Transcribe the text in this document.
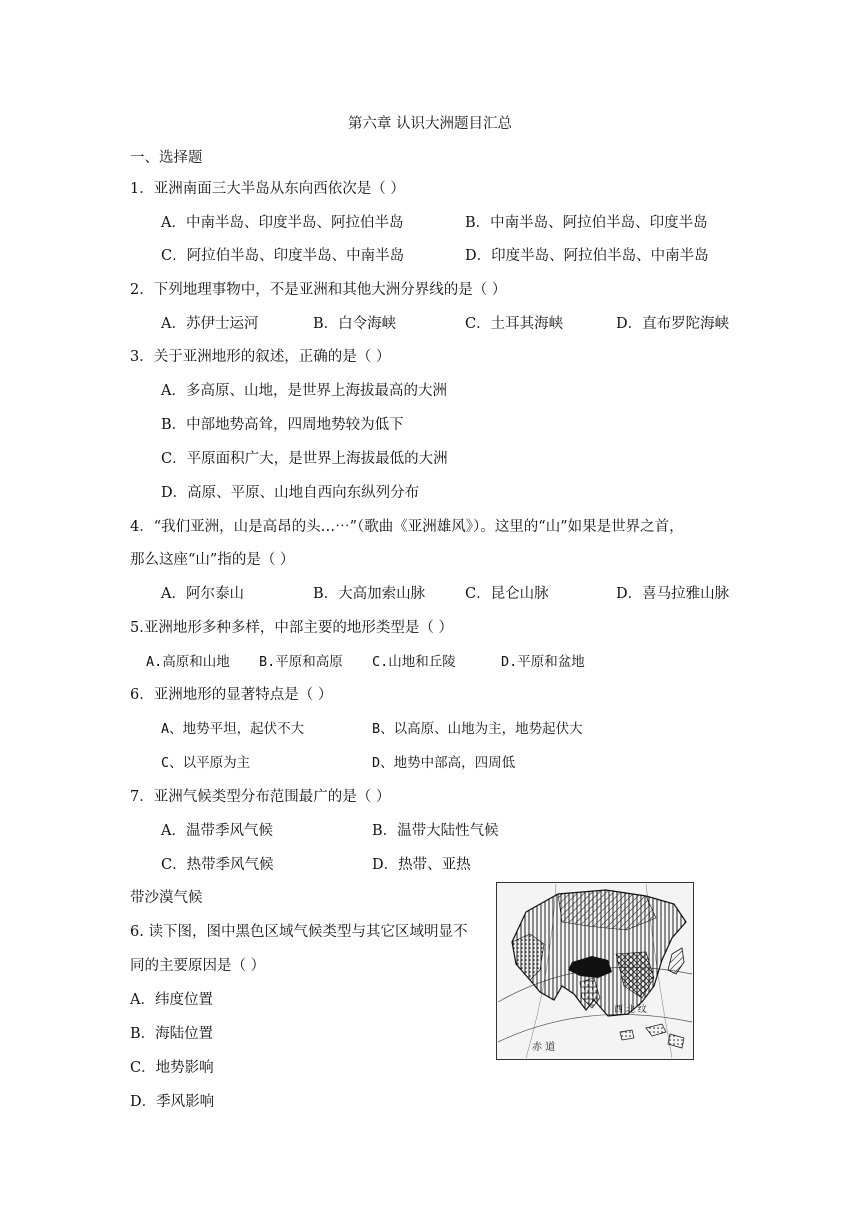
第六章 认识大洲题目汇总
一、选择题
1．亚洲南面三大半岛从东向西依次是（ ）
A．中南半岛、印度半岛、阿拉伯半岛	B．中南半岛、阿拉伯半岛、印度半岛
C．阿拉伯半岛、印度半岛、中南半岛	D．印度半岛、阿拉伯半岛、中南半岛
2．下列地理事物中，不是亚洲和其他大洲分界线的是（ ）
A．苏伊士运河	B．白令海峡	C．土耳其海峡	D．直布罗陀海峡
3．关于亚洲地形的叙述，正确的是（ ）
A．多高原、山地，是世界上海拔最高的大洲
B．中部地势高耸，四周地势较为低下
C．平原面积广大，是世界上海拔最低的大洲
D．高原、平原、山地自西向东纵列分布
4．“我们亚洲，山是高昂的头…⋯”（歌曲《亚洲雄风》）。这里的“山”如果是世界之首，
那么这座“山”指的是（ ）
A．阿尔泰山	B．大高加索山脉	C．昆仑山脉	D．喜马拉雅山脉
5.亚洲地形多种多样，中部主要的地形类型是（ ）
A.高原和山地 B.平原和高原 C.山地和丘陵	D.平原和盆地
6．亚洲地形的显著特点是（ ）
A、地势平坦，起伏不大	B、以高原、山地为主，地势起伏大
C、以平原为主	D、地势中部高，四周低
7．亚洲气候类型分布范围最广的是（ ）
A．温带季风气候	B．温带大陆性气候
C．热带季风气候	D．热带、亚热
带沙漠气候
6. 读下图，图中黑色区域气候类型与其它区域明显不
同的主要原因是（ ）
A．纬度位置
B．海陆位置
C．地势影响
D．季风影响
赤 道
西 北 纹
